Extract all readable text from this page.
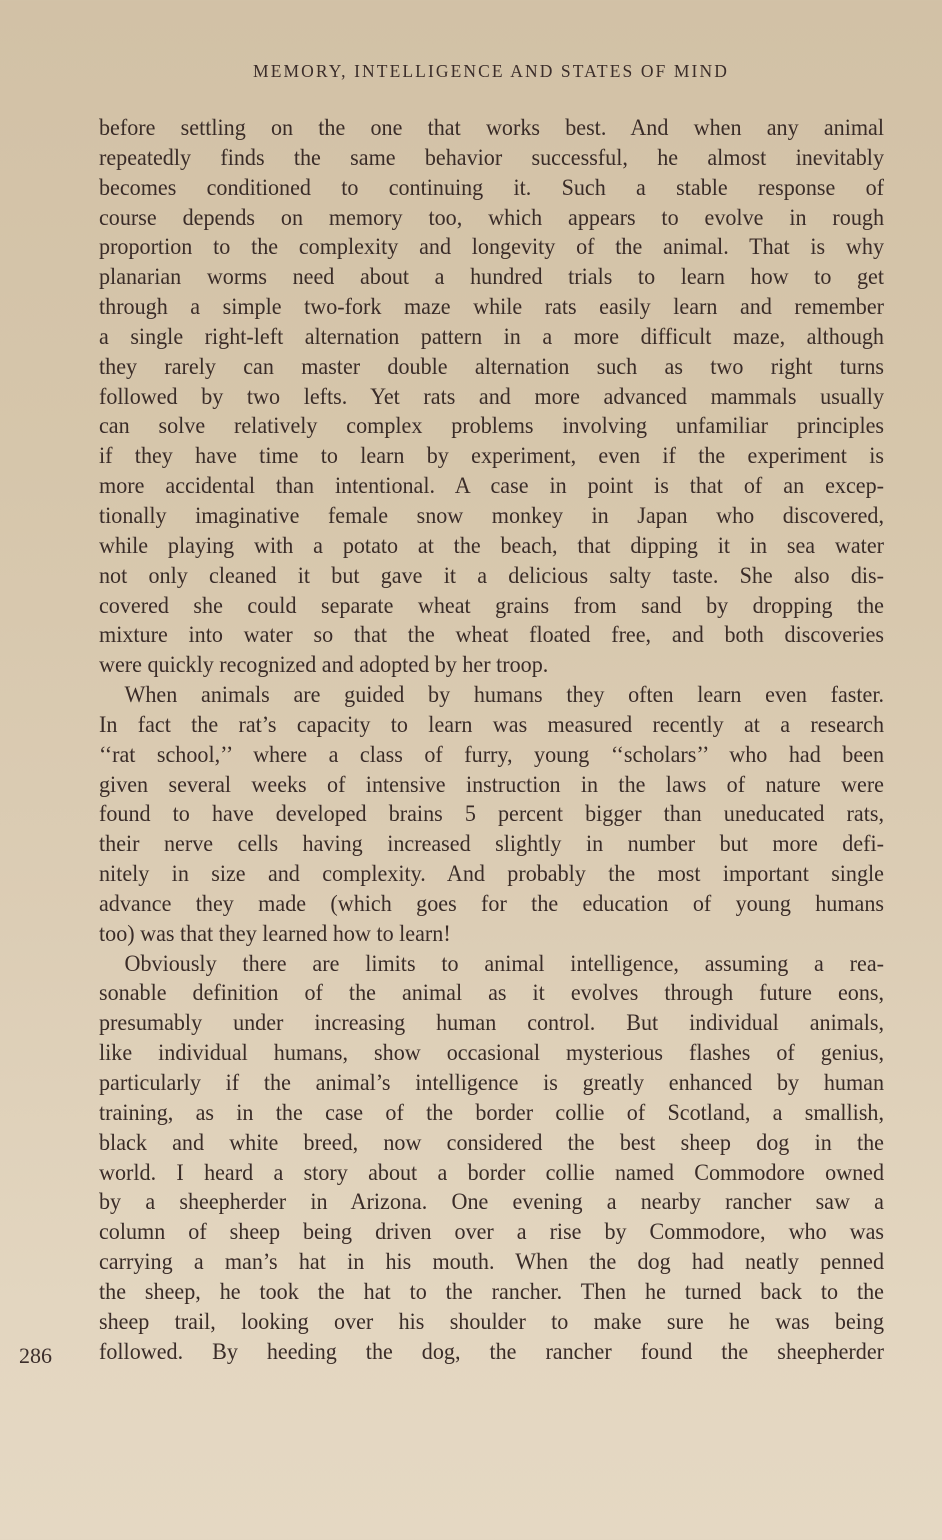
MEMORY, INTELLIGENCE AND STATES OF MIND
before settling on the one that works best. And when any animal
repeatedly finds the same behavior successful, he almost inevitably
becomes conditioned to continuing it. Such a stable response of
course depends on memory too, which appears to evolve in rough
proportion to the complexity and longevity of the animal. That is why
planarian worms need about a hundred trials to learn how to get
through a simple two-fork maze while rats easily learn and remember
a single right-left alternation pattern in a more difficult maze, although
they rarely can master double alternation such as two right turns
followed by two lefts. Yet rats and more advanced mammals usually
can solve relatively complex problems involving unfamiliar principles
if they have time to learn by experiment, even if the experiment is
more accidental than intentional. A case in point is that of an excep-
tionally imaginative female snow monkey in Japan who discovered,
while playing with a potato at the beach, that dipping it in sea water
not only cleaned it but gave it a delicious salty taste. She also dis-
covered she could separate wheat grains from sand by dropping the
mixture into water so that the wheat floated free, and both discoveries
were quickly recognized and adopted by her troop.
When animals are guided by humans they often learn even faster.
In fact the rat’s capacity to learn was measured recently at a research
‘‘rat school,’’ where a class of furry, young ‘‘scholars’’ who had been
given several weeks of intensive instruction in the laws of nature were
found to have developed brains 5 percent bigger than uneducated rats,
their nerve cells having increased slightly in number but more defi-
nitely in size and complexity. And probably the most important single
advance they made (which goes for the education of young humans
too) was that they learned how to learn!
Obviously there are limits to animal intelligence, assuming a rea-
sonable definition of the animal as it evolves through future eons,
presumably under increasing human control. But individual animals,
like individual humans, show occasional mysterious flashes of genius,
particularly if the animal’s intelligence is greatly enhanced by human
training, as in the case of the border collie of Scotland, a smallish,
black and white breed, now considered the best sheep dog in the
world. I heard a story about a border collie named Commodore owned
by a sheepherder in Arizona. One evening a nearby rancher saw a
column of sheep being driven over a rise by Commodore, who was
carrying a man’s hat in his mouth. When the dog had neatly penned
the sheep, he took the hat to the rancher. Then he turned back to the
sheep trail, looking over his shoulder to make sure he was being
followed. By heeding the dog, the rancher found the sheepherder
286
